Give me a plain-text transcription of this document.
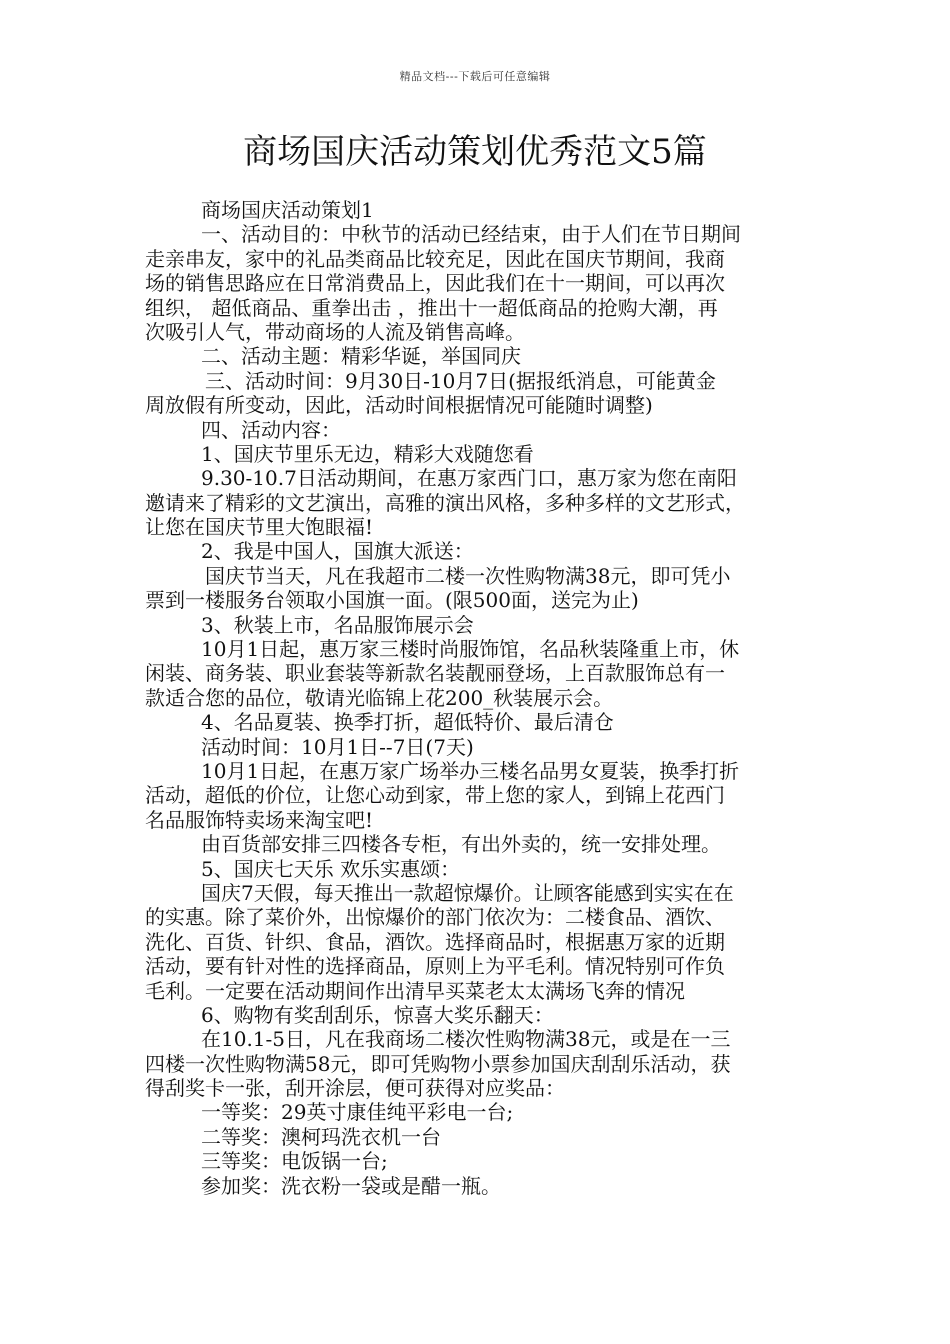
精品文档---下载后可任意编辑
商场国庆活动策划优秀范文5篇
商场国庆活动策划1
一、活动目的：中秋节的活动已经结束，由于人们在节日期间
走亲串友，家中的礼品类商品比较充足，因此在国庆节期间，我商
场的销售思路应在日常消费品上，因此我们在十一期间，可以再次
组织， 超低商品、重拳出击 ，推出十一超低商品的抢购大潮，再
次吸引人气，带动商场的人流及销售高峰。
二、活动主题：精彩华诞，举国同庆
三、活动时间：9月30日-10月7日(据报纸消息，可能黄金
周放假有所变动，因此，活动时间根据情况可能随时调整)
四、活动内容：
1、国庆节里乐无边，精彩大戏随您看
9.30-10.7日活动期间，在惠万家西门口，惠万家为您在南阳
邀请来了精彩的文艺演出，高雅的演出风格，多种多样的文艺形式，
让您在国庆节里大饱眼福!
2、我是中国人，国旗大派送：
国庆节当天，凡在我超市二楼一次性购物满38元，即可凭小
票到一楼服务台领取小国旗一面。(限500面，送完为止)
3、秋装上市，名品服饰展示会
10月1日起，惠万家三楼时尚服饰馆，名品秋装隆重上市，休
闲装、商务装、职业套装等新款名装靓丽登场，上百款服饰总有一
款适合您的品位，敬请光临锦上花200_秋装展示会。
4、名品夏装、换季打折，超低特价、最后清仓
活动时间：10月1日--7日(7天)
10月1日起，在惠万家广场举办三楼名品男女夏装，换季打折
活动，超低的价位，让您心动到家，带上您的家人，到锦上花西门
名品服饰特卖场来淘宝吧!
由百货部安排三四楼各专柜，有出外卖的，统一安排处理。
5、国庆七天乐 欢乐实惠颂：
国庆7天假，每天推出一款超惊爆价。让顾客能感到实实在在
的实惠。除了菜价外，出惊爆价的部门依次为：二楼食品、酒饮、
洗化、百货、针织、食品，酒饮。选择商品时，根据惠万家的近期
活动，要有针对性的选择商品，原则上为平毛利。情况特别可作负
毛利。一定要在活动期间作出清早买菜老太太满场飞奔的情况
6、购物有奖刮刮乐，惊喜大奖乐翻天：
在10.1-5日，凡在我商场二楼次性购物满38元，或是在一三
四楼一次性购物满58元，即可凭购物小票参加国庆刮刮乐活动，获
得刮奖卡一张，刮开涂层，便可获得对应奖品：
一等奖：29英寸康佳纯平彩电一台;
二等奖：澳柯玛洗衣机一台
三等奖：电饭锅一台;
参加奖：洗衣粉一袋或是醋一瓶。
